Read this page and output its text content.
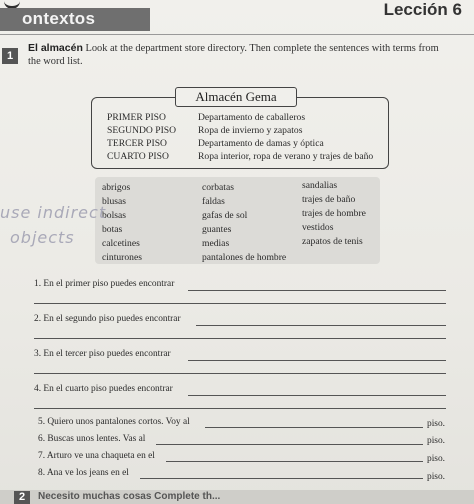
ontextos	Lección 6
1
El almacén Look at the department store directory. Then complete the sentences with terms from the word list.
Almacén Gema
PRIMER PISO	Departamento de caballeros
SEGUNDO PISO Ropa de invierno y zapatos
TERCER PISO	Departamento de damas y óptica
CUARTO PISO	Ropa interior, ropa de verano y trajes de baño
abrigos
blusas
bolsas
botas
calcetines
cinturones
corbatas
faldas
gafas de sol
guantes
medias
pantalones de hombre
sandalias
trajes de baño
trajes de hombre
vestidos
zapatos de tenis
use indirect
objects
1. En el primer piso puedes encontrar
2. En el segundo piso puedes encontrar
3. En el tercer piso puedes encontrar
4. En el cuarto piso puedes encontrar
5. Quiero unos pantalones cortos. Voy al	piso.
6. Buscas unos lentes. Vas al	piso.
7. Arturo ve una chaqueta en el	piso.
8. Ana ve los jeans en el	piso.
2	Necesito muchas cosas Complete th...
